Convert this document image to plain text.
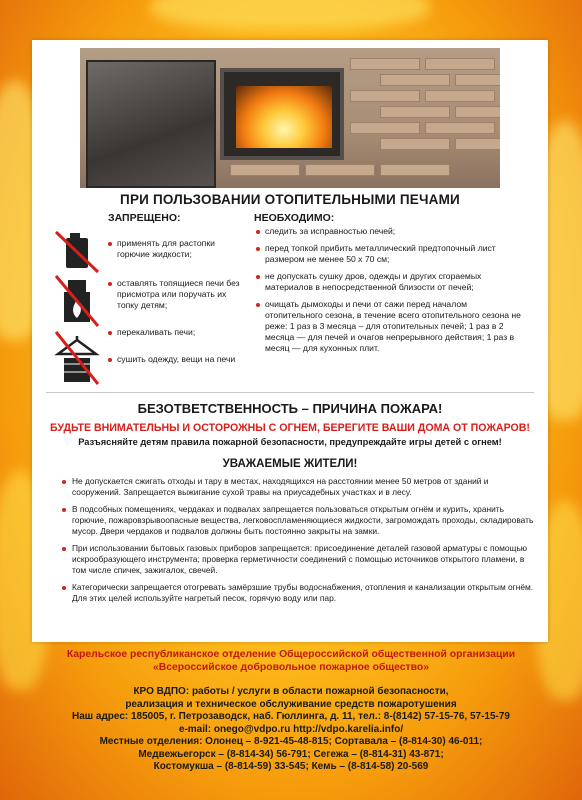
ПРИ ПОЛЬЗОВАНИИ ОТОПИТЕЛЬНЫМИ ПЕЧАМИ
ЗАПРЕЩЕНО:
применять для растопки горючие жидкости;
оставлять топящиеся печи без присмотра или поручать их топку детям;
перекаливать печи;
сушить одежду, вещи на печи
НЕОБХОДИМО:
следить за исправностью печей;
перед топкой прибить металлический предтопочный лист размером не менее 50 х 70 см;
не допускать сушку дров, одежды и других сгораемых материалов в непосредственной близости от печей;
очищать дымоходы и печи от сажи перед началом отопительного сезона, в течение всего отопительного сезона не реже: 1 раз в 3 месяца – для отопительных печей; 1 раз в 2 месяца — для печей и очагов непрерывного действия; 1 раз в месяц — для кухонных плит.
БЕЗОТВЕТСТВЕННОСТЬ – ПРИЧИНА ПОЖАРА!
БУДЬТЕ ВНИМАТЕЛЬНЫ И ОСТОРОЖНЫ С ОГНЕМ, БЕРЕГИТЕ ВАШИ ДОМА ОТ ПОЖАРОВ!
Разъясняйте детям правила пожарной безопасности, предупреждайте игры детей с огнем!
УВАЖАЕМЫЕ ЖИТЕЛИ!
Не допускается сжигать отходы и тару в местах, находящихся на расстоянии менее 50 метров от зданий и сооружений. Запрещается выжигание сухой травы на приусадебных участках и в лесу.
В подсобных помещениях, чердаках и подвалах запрещается пользоваться открытым огнём и курить, хранить горючие, пожаровзрывоопасные вещества, легковоспламеняющиеся жидкости, загромождать проходы, складировать мусор. Двери чердаков и подвалов должны быть постоянно закрыты на замки.
При использовании бытовых газовых приборов запрещается: присоединение деталей газовой арматуры с помощью искрообразующего инструмента; проверка герметичности соединений с помощью источников открытого пламени, в том числе спичек, зажигалок, свечей.
Категорически запрещается отогревать замёрзшие трубы водоснабжения, отопления и канализации открытым огнём. Для этих целей используйте нагретый песок, горячую воду или пар.
Карельское республиканское отделение Общероссийской общественной организации
«Всероссийское добровольное пожарное общество»
КРО ВДПО: работы / услуги в области пожарной безопасности,
реализация и техническое обслуживание средств пожаротушения
Наш адрес: 185005, г. Петрозаводск, наб. Гюллинга, д. 11, тел.: 8-(8142) 57-15-76, 57-15-79
e-mail: onego@vdpo.ru http://vdpo.karelia.info/
Местные отделения: Олонец – 8-921-45-48-815; Сортавала – (8-814-30) 46-011;
Медвежьегорск – (8-814-34) 56-791; Сегежа – (8-814-31) 43-871;
Костомукша – (8-814-59) 33-545; Кемь – (8-814-58) 20-569
